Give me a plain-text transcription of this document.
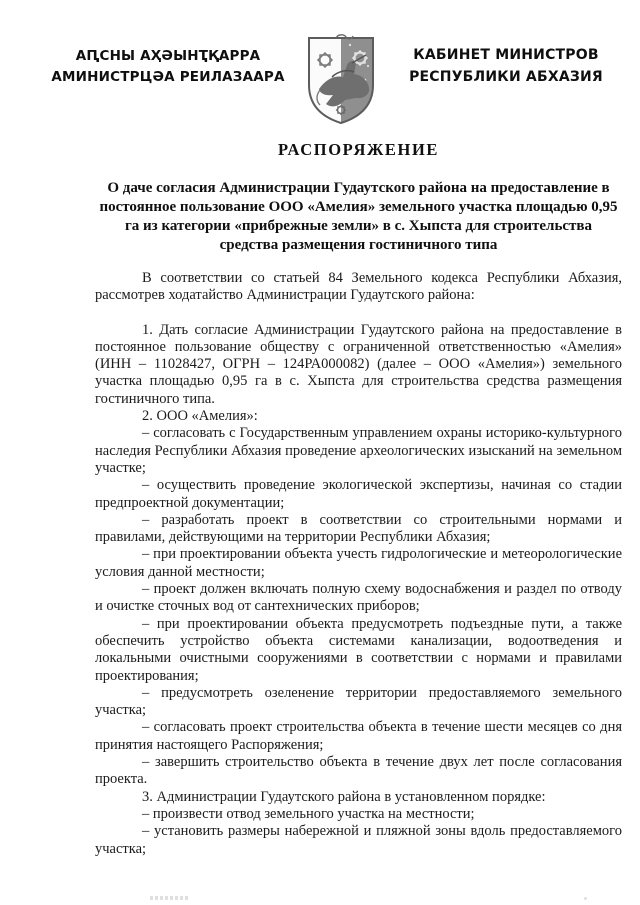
АԤСНЫ АҲӘЫНҬҚАРРА
АМИНИСТРЦӘА РЕИЛАЗААРА
КАБИНЕТ МИНИСТРОВ
РЕСПУБЛИКИ АБХАЗИЯ
РАСПОРЯЖЕНИЕ
О даче согласия Администрации Гудаутского района на предоставление в постоянное пользование ООО «Амелия» земельного участка площадью 0,95 га из категории «прибрежные земли» в с. Хыпста для строительства средства размещения гостиничного типа

В соответствии со статьей 84 Земельного кодекса Республики Абхазия, рассмотрев ходатайство Администрации Гудаутского района:

1. Дать согласие Администрации Гудаутского района на предоставление в постоянное пользование обществу с ограниченной ответственностью «Амелия» (ИНН – 11028427, ОГРН – 124РА000082) (далее – ООО «Амелия») земельного участка площадью 0,95 га в с. Хыпста для строительства средства размещения гостиничного типа.

2. ООО «Амелия»:

– согласовать с Государственным управлением охраны историко-культурного наследия Республики Абхазия проведение археологических изысканий на земельном участке;

– осуществить проведение экологической экспертизы, начиная со стадии предпроектной документации;

– разработать проект в соответствии со строительными нормами и правилами, действующими на территории Республики Абхазия;

– при проектировании объекта учесть гидрологические и метеорологические условия данной местности;

– проект должен включать полную схему водоснабжения и раздел по отводу и очистке сточных вод от сантехнических приборов;

– при проектировании объекта предусмотреть подъездные пути, а также обеспечить устройство объекта системами канализации, водоотведения и локальными очистными сооружениями в соответствии с нормами и правилами проектирования;

– предусмотреть озеленение территории предоставляемого земельного участка;

– согласовать проект строительства объекта в течение шести месяцев со дня принятия настоящего Распоряжения;

– завершить строительство объекта в течение двух лет после согласования проекта.

3. Администрации Гудаутского района в установленном порядке:

– произвести отвод земельного участка на местности;

– установить размеры набережной и пляжной зоны вдоль предоставляемого участка;
